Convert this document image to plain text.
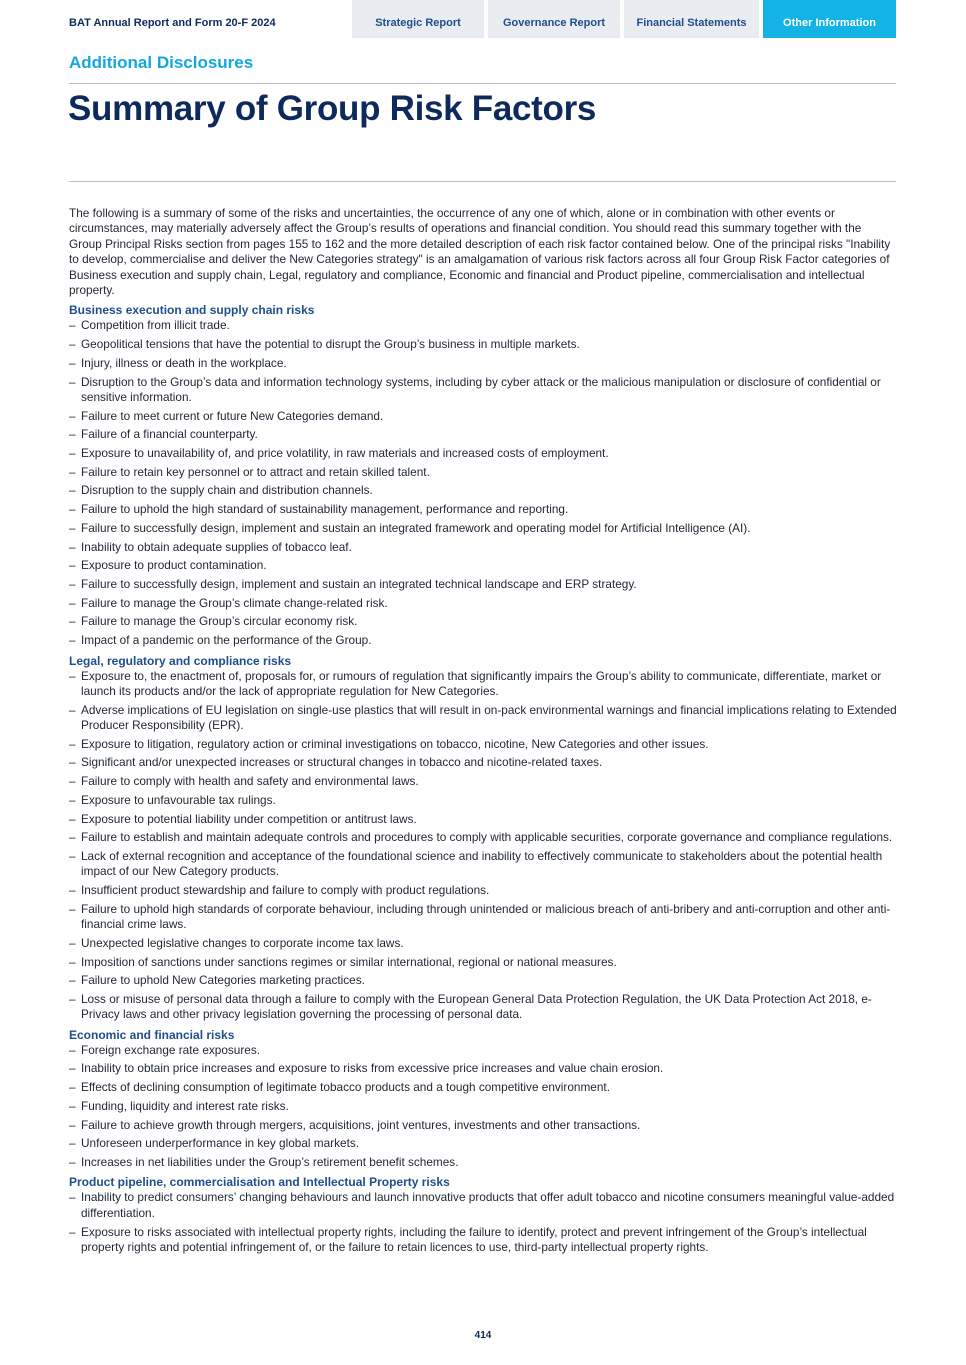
BAT Annual Report and Form 20-F 2024	Strategic Report	Governance Report	Financial Statements	Other Information
Additional Disclosures
Summary of Group Risk Factors

The following is a summary of some of the risks and uncertainties, the occurrence of any one of which, alone or in combination with other events or circumstances, may materially adversely affect the Group’s results of operations and financial condition. You should read this summary together with the Group Principal Risks section from pages 155 to 162 and the more detailed description of each risk factor contained below. One of the principal risks "Inability to develop, commercialise and deliver the New Categories strategy" is an amalgamation of various risk factors across all four Group Risk Factor categories of Business execution and supply chain, Legal, regulatory and compliance, Economic and financial and Product pipeline, commercialisation and intellectual property.

Business execution and supply chain risks
– Competition from illicit trade.
– Geopolitical tensions that have the potential to disrupt the Group’s business in multiple markets.
– Injury, illness or death in the workplace.
– Disruption to the Group’s data and information technology systems, including by cyber attack or the malicious manipulation or disclosure of confidential or sensitive information.
– Failure to meet current or future New Categories demand.
– Failure of a financial counterparty.
– Exposure to unavailability of, and price volatility, in raw materials and increased costs of employment.
– Failure to retain key personnel or to attract and retain skilled talent.
– Disruption to the supply chain and distribution channels.
– Failure to uphold the high standard of sustainability management, performance and reporting.
– Failure to successfully design, implement and sustain an integrated framework and operating model for Artificial Intelligence (AI).
– Inability to obtain adequate supplies of tobacco leaf.
– Exposure to product contamination.
– Failure to successfully design, implement and sustain an integrated technical landscape and ERP strategy.
– Failure to manage the Group’s climate change-related risk.
– Failure to manage the Group’s circular economy risk.
– Impact of a pandemic on the performance of the Group.
Legal, regulatory and compliance risks
– Exposure to, the enactment of, proposals for, or rumours of regulation that significantly impairs the Group’s ability to communicate, differentiate, market or launch its products and/or the lack of appropriate regulation for New Categories.
– Adverse implications of EU legislation on single-use plastics that will result in on-pack environmental warnings and financial implications relating to Extended Producer Responsibility (EPR).
– Exposure to litigation, regulatory action or criminal investigations on tobacco, nicotine, New Categories and other issues.
– Significant and/or unexpected increases or structural changes in tobacco and nicotine-related taxes.
– Failure to comply with health and safety and environmental laws.
– Exposure to unfavourable tax rulings.
– Exposure to potential liability under competition or antitrust laws.
– Failure to establish and maintain adequate controls and procedures to comply with applicable securities, corporate governance and compliance regulations.
– Lack of external recognition and acceptance of the foundational science and inability to effectively communicate to stakeholders about the potential health impact of our New Category products.
– Insufficient product stewardship and failure to comply with product regulations.
– Failure to uphold high standards of corporate behaviour, including through unintended or malicious breach of anti-bribery and anti-corruption and other anti-financial crime laws.
– Unexpected legislative changes to corporate income tax laws.
– Imposition of sanctions under sanctions regimes or similar international, regional or national measures.
– Failure to uphold New Categories marketing practices.
– Loss or misuse of personal data through a failure to comply with the European General Data Protection Regulation, the UK Data Protection Act 2018, e-Privacy laws and other privacy legislation governing the processing of personal data.
Economic and financial risks
– Foreign exchange rate exposures.
– Inability to obtain price increases and exposure to risks from excessive price increases and value chain erosion.
– Effects of declining consumption of legitimate tobacco products and a tough competitive environment.
– Funding, liquidity and interest rate risks.
– Failure to achieve growth through mergers, acquisitions, joint ventures, investments and other transactions.
– Unforeseen underperformance in key global markets.
– Increases in net liabilities under the Group’s retirement benefit schemes.
Product pipeline, commercialisation and Intellectual Property risks
– Inability to predict consumers’ changing behaviours and launch innovative products that offer adult tobacco and nicotine consumers meaningful value-added differentiation.
– Exposure to risks associated with intellectual property rights, including the failure to identify, protect and prevent infringement of the Group’s intellectual property rights and potential infringement of, or the failure to retain licences to use, third-party intellectual property rights.
414
